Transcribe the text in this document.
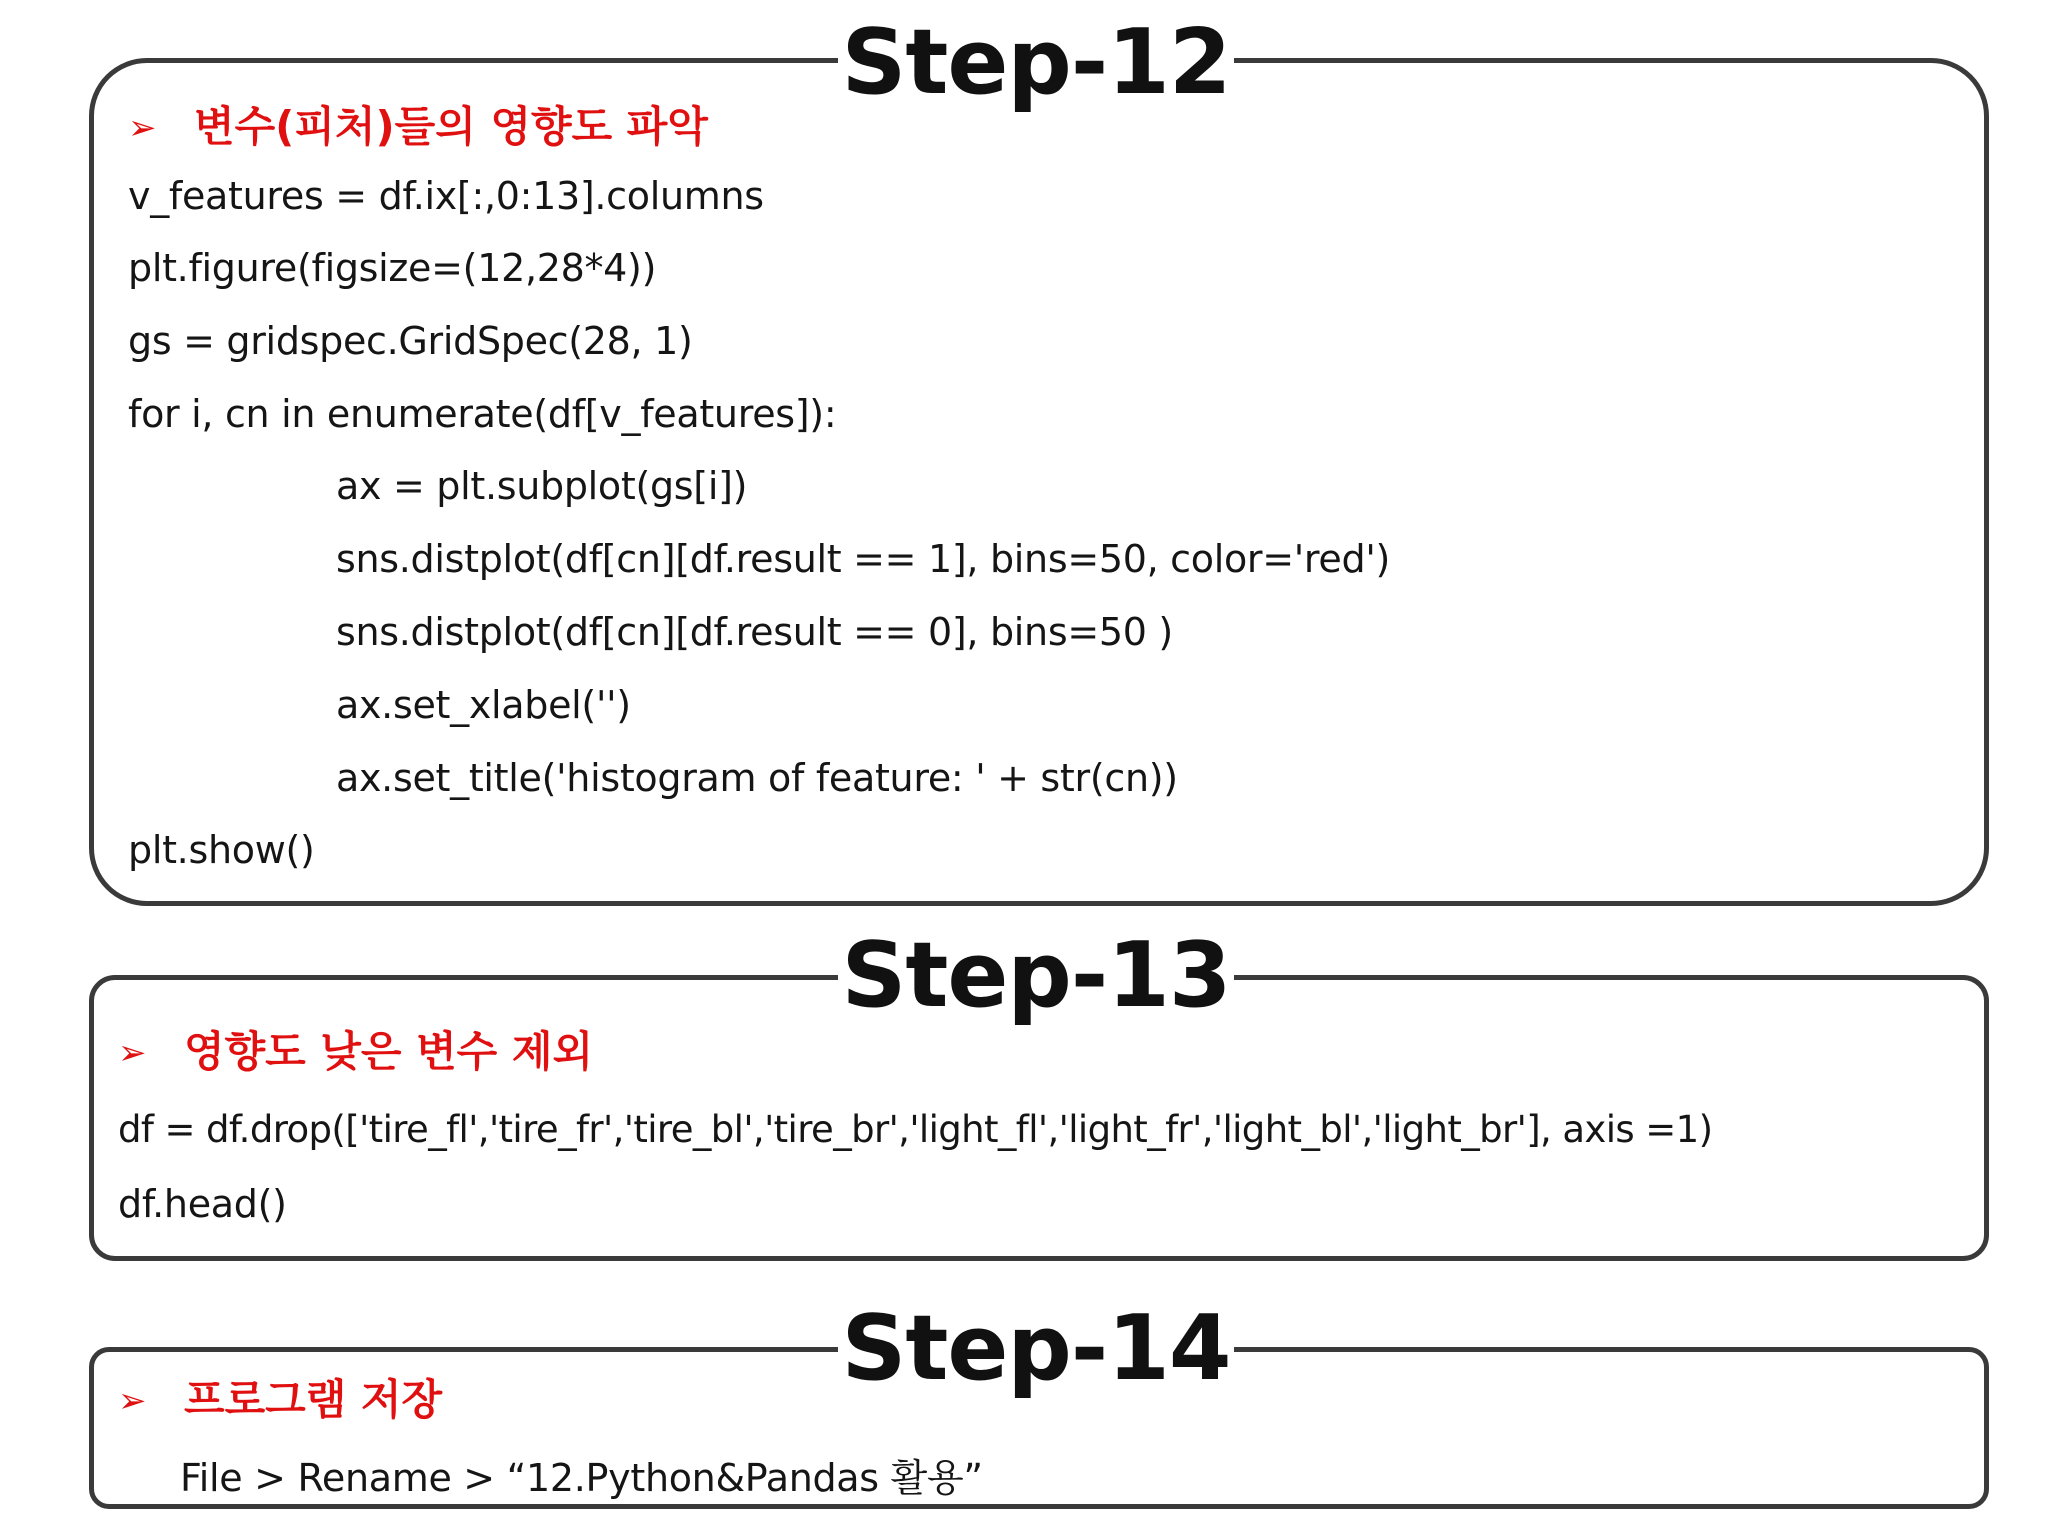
Step-12
➢ 변수(피처)들의 영향도 파악
v_features = df.ix[:,0:13].columns
plt.figure(figsize=(12,28*4))
gs = gridspec.GridSpec(28, 1)
for i, cn in enumerate(df[v_features]):
ax = plt.subplot(gs[i])
sns.distplot(df[cn][df.result == 1], bins=50, color='red')
sns.distplot(df[cn][df.result == 0], bins=50 )
ax.set_xlabel('')
ax.set_title('histogram of feature: ' + str(cn))
plt.show()
Step-13
➢ 영향도 낮은 변수 제외
df = df.drop(['tire_fl','tire_fr','tire_bl','tire_br','light_fl','light_fr','light_bl','light_br'], axis =1)
df.head()
Step-14
➢ 프로그램 저장
File > Rename > “12.Python&Pandas 활용”
